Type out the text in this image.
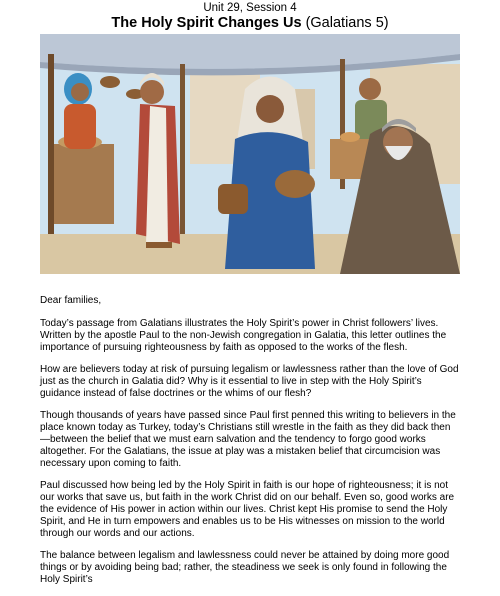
Unit 29, Session 4
The Holy Spirit Changes Us (Galatians 5)

Dear families,

Today’s passage from Galatians illustrates the Holy Spirit’s power in Christ followers’ lives. Written by the apostle Paul to the non-Jewish congregation in Galatia, this letter outlines the importance of pursuing righteousness by faith as opposed to the works of the flesh.

How are believers today at risk of pursuing legalism or lawlessness rather than the love of God just as the church in Galatia did? Why is it essential to live in step with the Holy Spirit’s guidance instead of false doctrines or the whims of our flesh?

Though thousands of years have passed since Paul first penned this writing to believers in the place known today as Turkey, today’s Christians still wrestle in the faith as they did back then—between the belief that we must earn salvation and the tendency to forgo good works altogether. For the Galatians, the issue at play was a mistaken belief that circumcision was necessary upon coming to faith.

Paul discussed how being led by the Holy Spirit in faith is our hope of righteousness; it is not our works that save us, but faith in the work Christ did on our behalf. Even so, good works are the evidence of His power in action within our lives. Christ kept His promise to send the Holy Spirit, and He in turn empowers and enables us to be His witnesses on mission to the world through our words and our actions.

The balance between legalism and lawlessness could never be attained by doing more good things or by avoiding being bad; rather, the steadiness we seek is only found in following the Holy Spirit’s
